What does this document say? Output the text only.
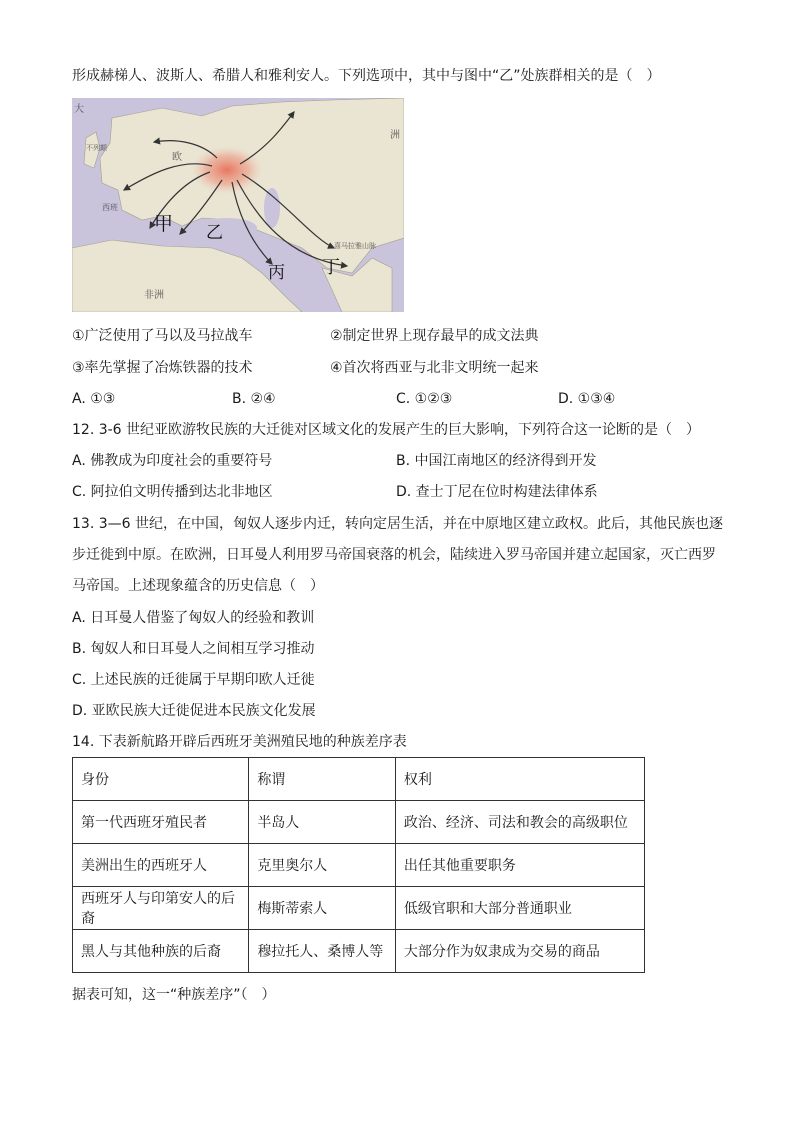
形成赫梯人、波斯人、希腊人和雅利安人。下列选项中，其中与图中“乙”处族群相关的是（　）
欧
大
不列颠
西班
非洲
洲
喜马拉雅山脉
甲 乙
丙 丁
①广泛使用了马以及马拉战车	②制定世界上现存最早的成文法典
③率先掌握了冶炼铁器的技术	④首次将西亚与北非文明统一起来
A. ①③	B. ②④	C. ①②③	D. ①③④
12. 3-6 世纪亚欧游牧民族的大迁徙对区域文化的发展产生的巨大影响，下列符合这一论断的是（　）
A. 佛教成为印度社会的重要符号	B. 中国江南地区的经济得到开发
C. 阿拉伯文明传播到达北非地区	D. 查士丁尼在位时构建法律体系
13. 3—6 世纪，在中国，匈奴人逐步内迁，转向定居生活，并在中原地区建立政权。此后，其他民族也逐
步迁徙到中原。在欧洲，日耳曼人利用罗马帝国衰落的机会，陆续进入罗马帝国并建立起国家，灭亡西罗
马帝国。上述现象蕴含的历史信息（　）
A. 日耳曼人借鉴了匈奴人的经验和教训
B. 匈奴人和日耳曼人之间相互学习推动
C. 上述民族的迁徙属于早期印欧人迁徙
D. 亚欧民族大迁徙促进本民族文化发展
14. 下表新航路开辟后西班牙美洲殖民地的种族差序表
身份	称谓	权利
第一代西班牙殖民者	半岛人	政治、经济、司法和教会的高级职位
美洲出生的西班牙人	克里奥尔人	出任其他重要职务
西班牙人与印第安人的后裔	梅斯蒂索人	低级官职和大部分普通职业
黑人与其他种族的后裔	穆拉托人、桑博人等	大部分作为奴隶成为交易的商品
据表可知，这一“种族差序”（　）
